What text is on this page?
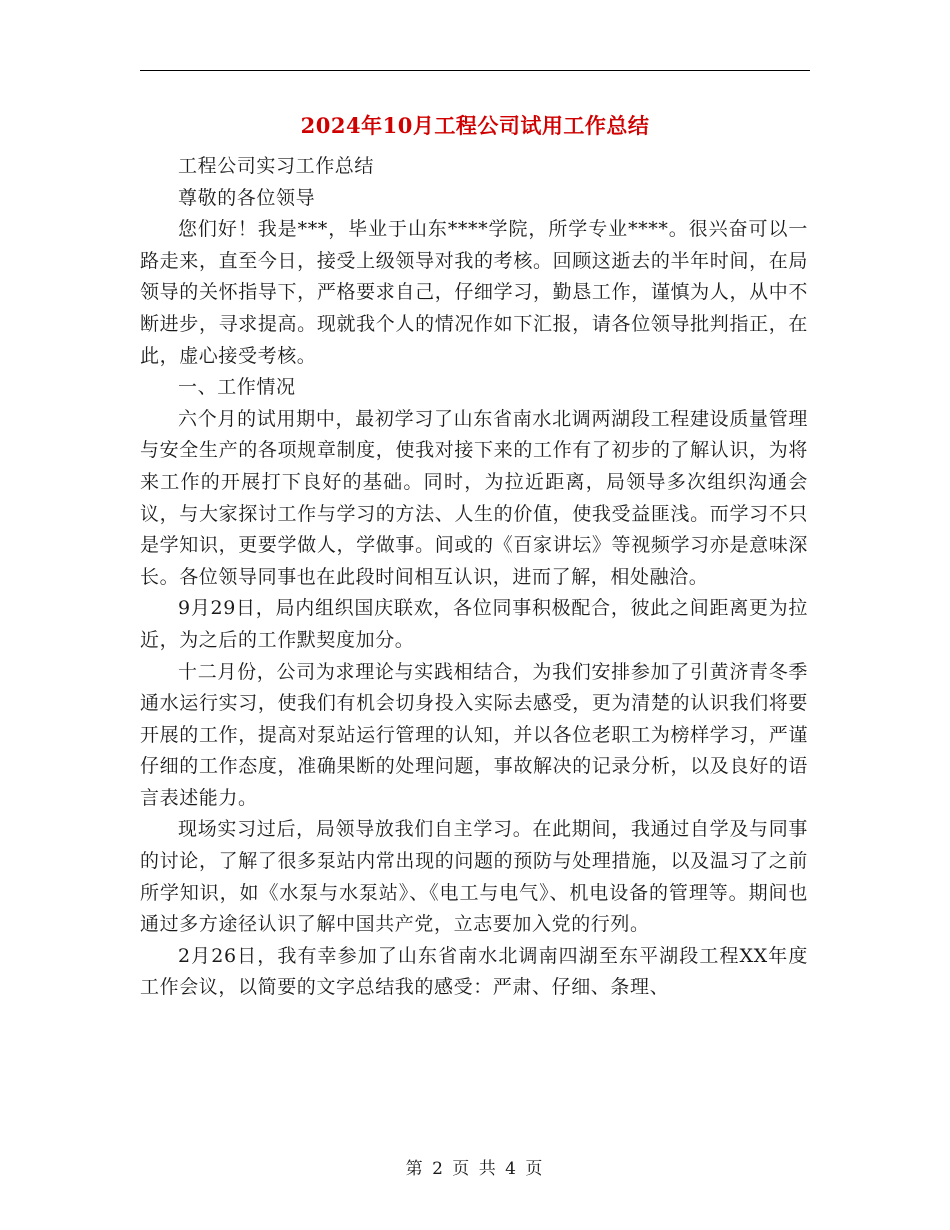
2024年10月工程公司试用工作总结

工程公司实习工作总结

尊敬的各位领导

您们好！我是***，毕业于山东****学院，所学专业****。很兴奋可以一路走来，直至今日，接受上级领导对我的考核。回顾这逝去的半年时间，在局领导的关怀指导下，严格要求自己，仔细学习，勤恳工作，谨慎为人，从中不断进步，寻求提高。现就我个人的情况作如下汇报，请各位领导批判指正，在此，虚心接受考核。

一、工作情况

六个月的试用期中，最初学习了山东省南水北调两湖段工程建设质量管理与安全生产的各项规章制度，使我对接下来的工作有了初步的了解认识，为将来工作的开展打下良好的基础。同时，为拉近距离，局领导多次组织沟通会议，与大家探讨工作与学习的方法、人生的价值，使我受益匪浅。而学习不只是学知识，更要学做人，学做事。间或的《百家讲坛》等视频学习亦是意味深长。各位领导同事也在此段时间相互认识，进而了解，相处融洽。

9月29日，局内组织国庆联欢，各位同事积极配合，彼此之间距离更为拉近，为之后的工作默契度加分。

十二月份，公司为求理论与实践相结合，为我们安排参加了引黄济青冬季通水运行实习，使我们有机会切身投入实际去感受，更为清楚的认识我们将要开展的工作，提高对泵站运行管理的认知，并以各位老职工为榜样学习，严谨仔细的工作态度，准确果断的处理问题，事故解决的记录分析，以及良好的语言表述能力。

现场实习过后，局领导放我们自主学习。在此期间，我通过自学及与同事的讨论，了解了很多泵站内常出现的问题的预防与处理措施，以及温习了之前所学知识，如《水泵与水泵站》、《电工与电气》、机电设备的管理等。期间也通过多方途径认识了解中国共产党，立志要加入党的行列。

2月26日，我有幸参加了山东省南水北调南四湖至东平湖段工程XX年度工作会议，以简要的文字总结我的感受：严肃、仔细、条理、

第 2 页 共 4 页
